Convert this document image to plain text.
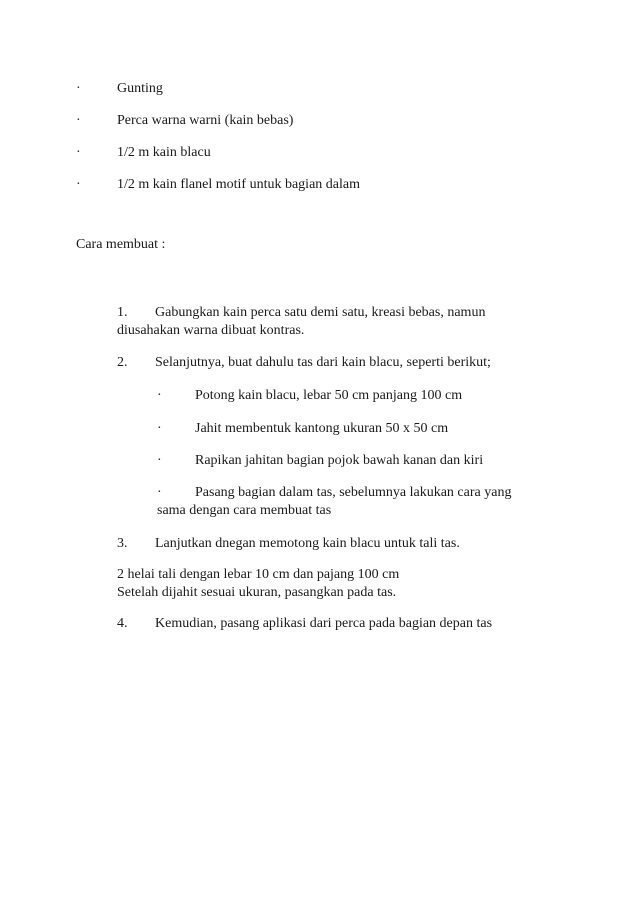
·	Gunting
·	Perca warna warni (kain bebas)
·	1/2 m kain blacu
·	1/2 m kain flanel motif untuk bagian dalam
Cara membuat :
1. Gabungkan kain perca satu demi satu, kreasi bebas, namun
diusahakan warna dibuat kontras.
2. Selanjutnya, buat dahulu tas dari kain blacu, seperti berikut;
· Potong kain blacu, lebar 50 cm panjang 100 cm
· Jahit membentuk kantong ukuran 50 x 50 cm
· Rapikan jahitan bagian pojok bawah kanan dan kiri
· Pasang bagian dalam tas, sebelumnya lakukan cara yang
sama dengan cara membuat tas
3. Lanjutkan dnegan memotong kain blacu untuk tali tas.
2 helai tali dengan lebar 10 cm dan pajang 100 cm
Setelah dijahit sesuai ukuran, pasangkan pada tas.
4. Kemudian, pasang aplikasi dari perca pada bagian depan tas
